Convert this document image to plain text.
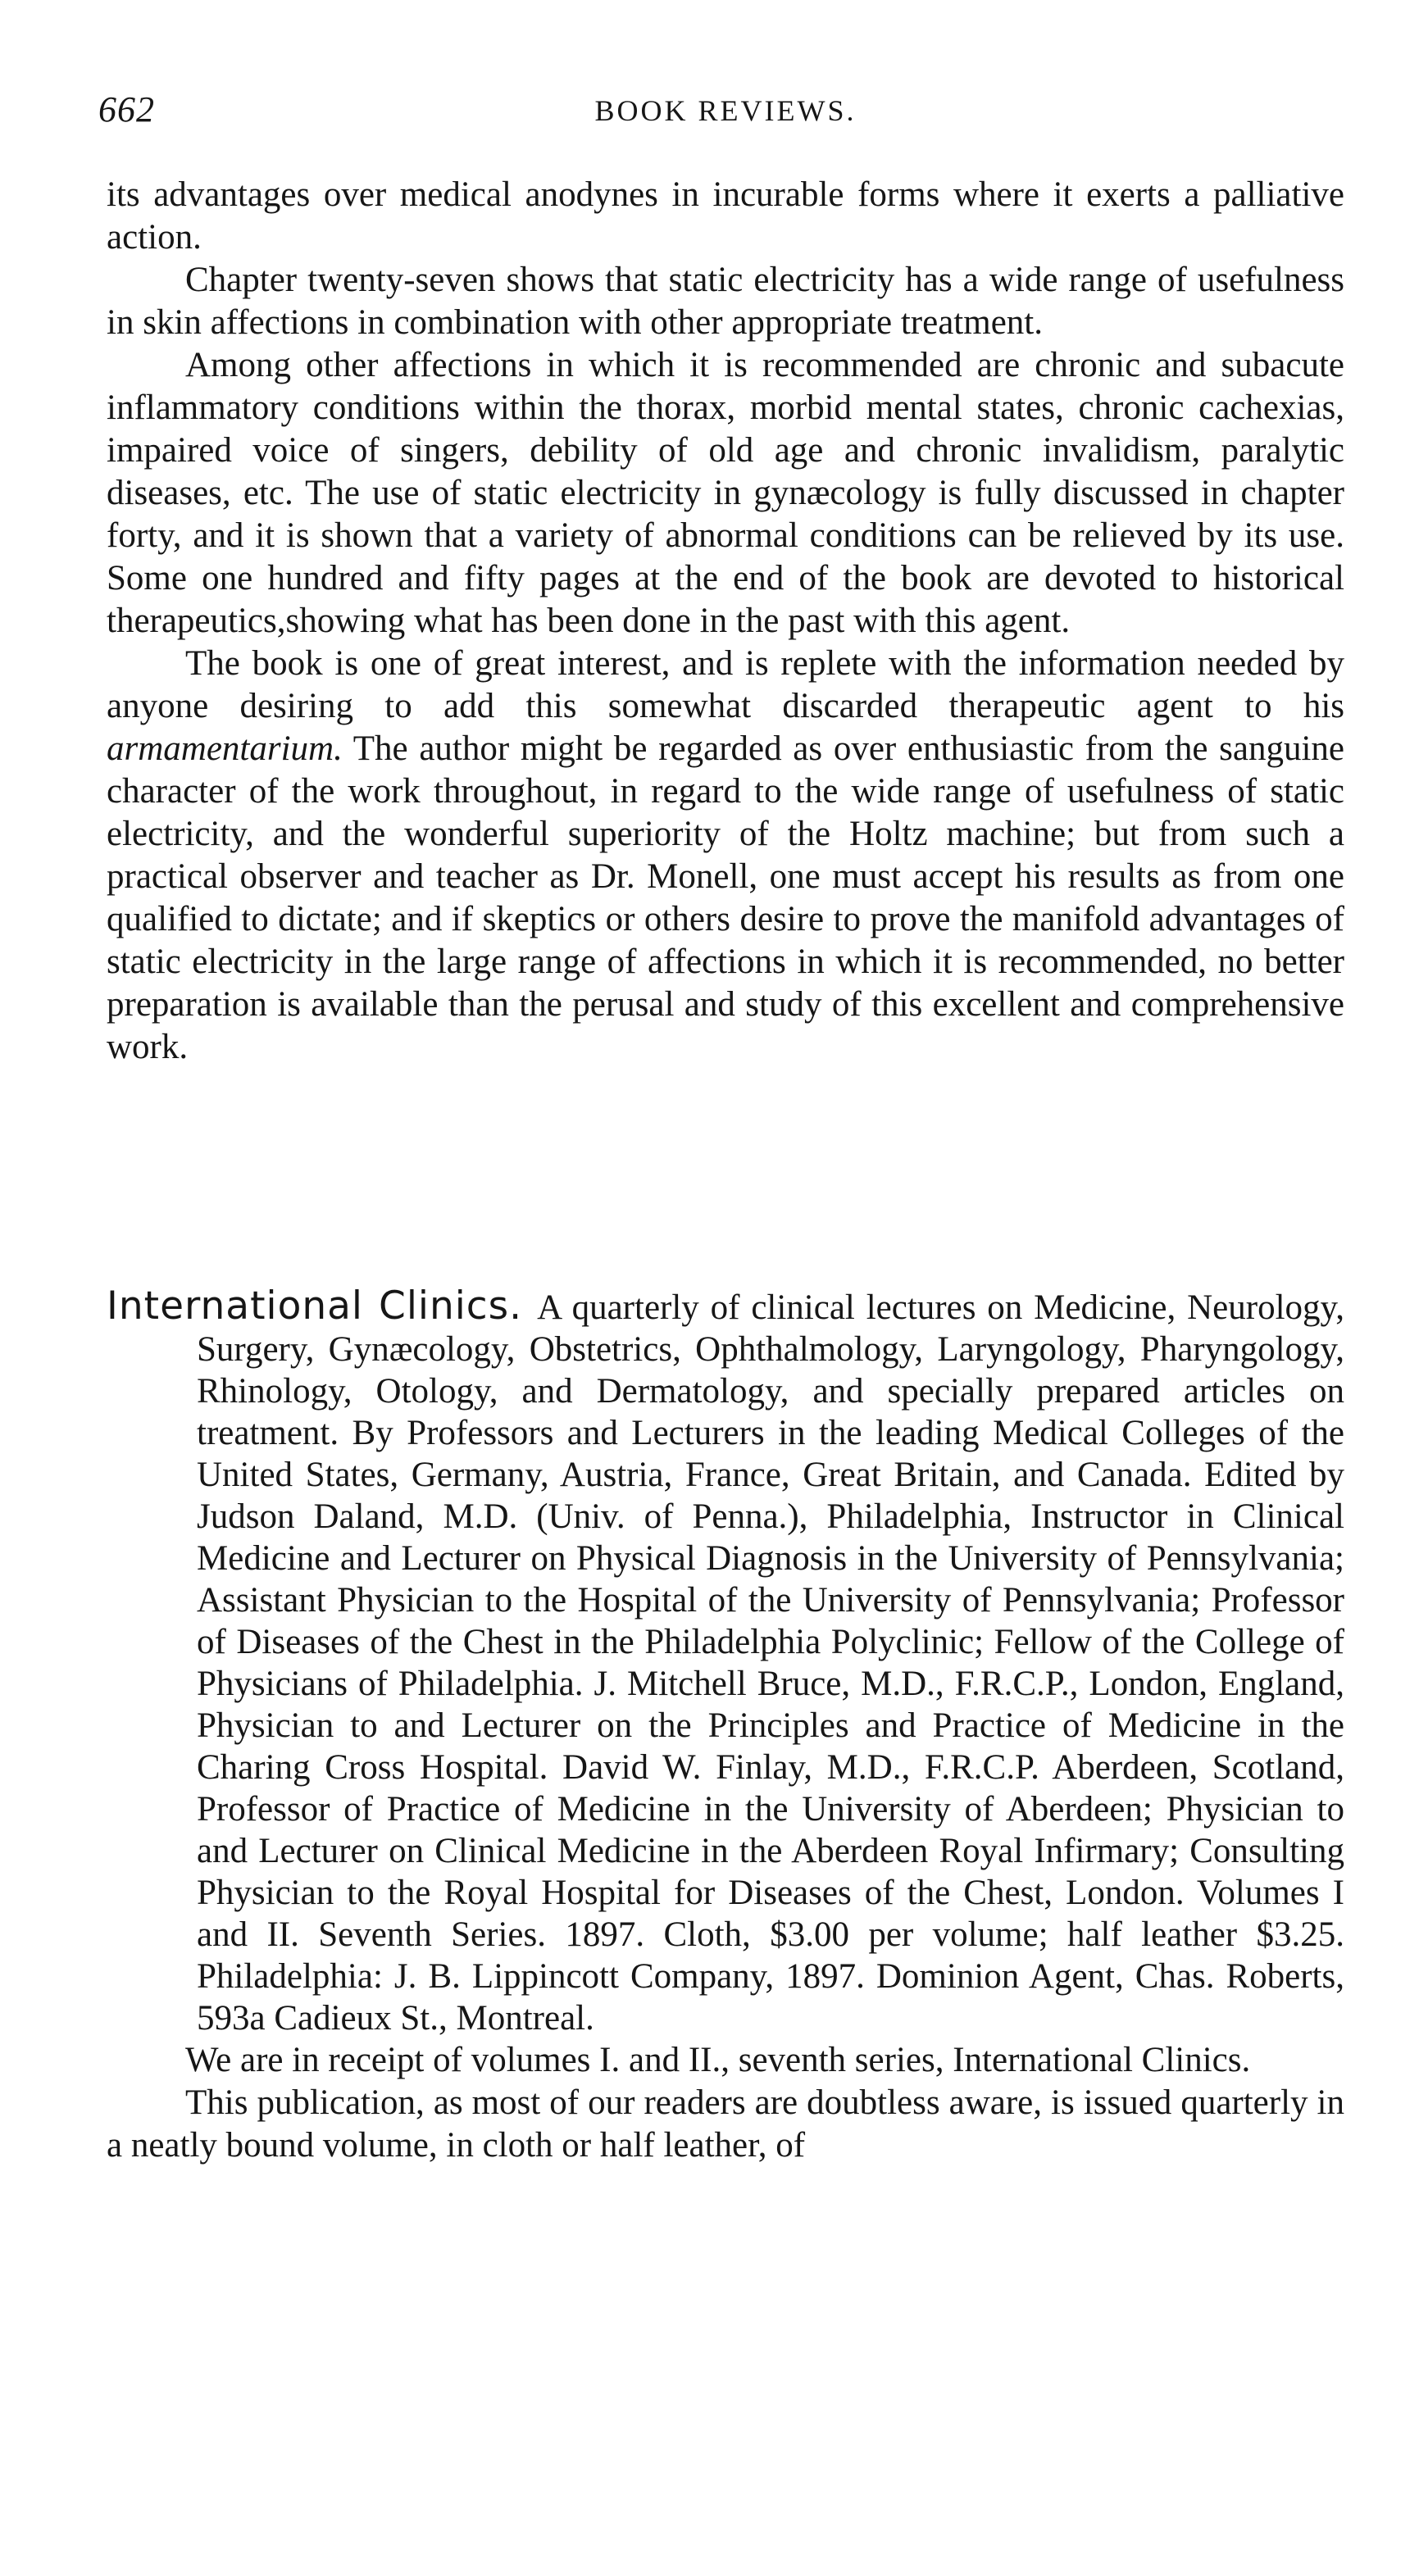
662	BOOK REVIEWS.

its advantages over medical anodynes in incurable forms where it exerts a palliative action.

Chapter twenty-seven shows that static electricity has a wide range of usefulness in skin affections in combination with other appropriate treatment.

Among other affections in which it is recommended are chronic and subacute inflammatory conditions within the thorax, morbid mental states, chronic cachexias, impaired voice of singers, debility of old age and chronic invalidism, paralytic diseases, etc. The use of static electricity in gynæcology is fully discussed in chapter forty, and it is shown that a variety of abnormal conditions can be relieved by its use. Some one hundred and fifty pages at the end of the book are devoted to historical therapeutics,showing what has been done in the past with this agent.

The book is one of great interest, and is replete with the information needed by anyone desiring to add this somewhat discarded therapeutic agent to his armamentarium. The author might be regarded as over enthusiastic from the sanguine character of the work throughout, in regard to the wide range of usefulness of static electricity, and the wonderful superiority of the Holtz machine; but from such a practical observer and teacher as Dr. Monell, one must accept his results as from one qualified to dictate; and if skeptics or others desire to prove the manifold advantages of static electricity in the large range of affections in which it is recommended, no better preparation is available than the perusal and study of this excellent and comprehensive work.

International Clinics. A quarterly of clinical lectures on Medicine, Neurology, Surgery, Gynæcology, Obstetrics, Ophthalmology, Laryngology, Pharyngology, Rhinology, Otology, and Dermatology, and specially prepared articles on treatment. By Professors and Lecturers in the leading Medical Colleges of the United States, Germany, Austria, France, Great Britain, and Canada. Edited by Judson Daland, M.D. (Univ. of Penna.), Philadelphia, Instructor in Clinical Medicine and Lecturer on Physical Diagnosis in the University of Pennsylvania; Assistant Physician to the Hospital of the University of Pennsylvania; Professor of Diseases of the Chest in the Philadelphia Polyclinic; Fellow of the College of Physicians of Philadelphia. J. Mitchell Bruce, M.D., F.R.C.P., London, England, Physician to and Lecturer on the Principles and Practice of Medicine in the Charing Cross Hospital. David W. Finlay, M.D., F.R.C.P. Aberdeen, Scotland, Professor of Practice of Medicine in the University of Aberdeen; Physician to and Lecturer on Clinical Medicine in the Aberdeen Royal Infirmary; Consulting Physician to the Royal Hospital for Diseases of the Chest, London. Volumes I and II. Seventh Series. 1897. Cloth, $3.00 per volume; half leather $3.25. Philadelphia: J. B. Lippincott Company, 1897. Dominion Agent, Chas. Roberts, 593a Cadieux St., Montreal.

We are in receipt of volumes I. and II., seventh series, International Clinics.

This publication, as most of our readers are doubtless aware, is issued quarterly in a neatly bound volume, in cloth or half leather, of
